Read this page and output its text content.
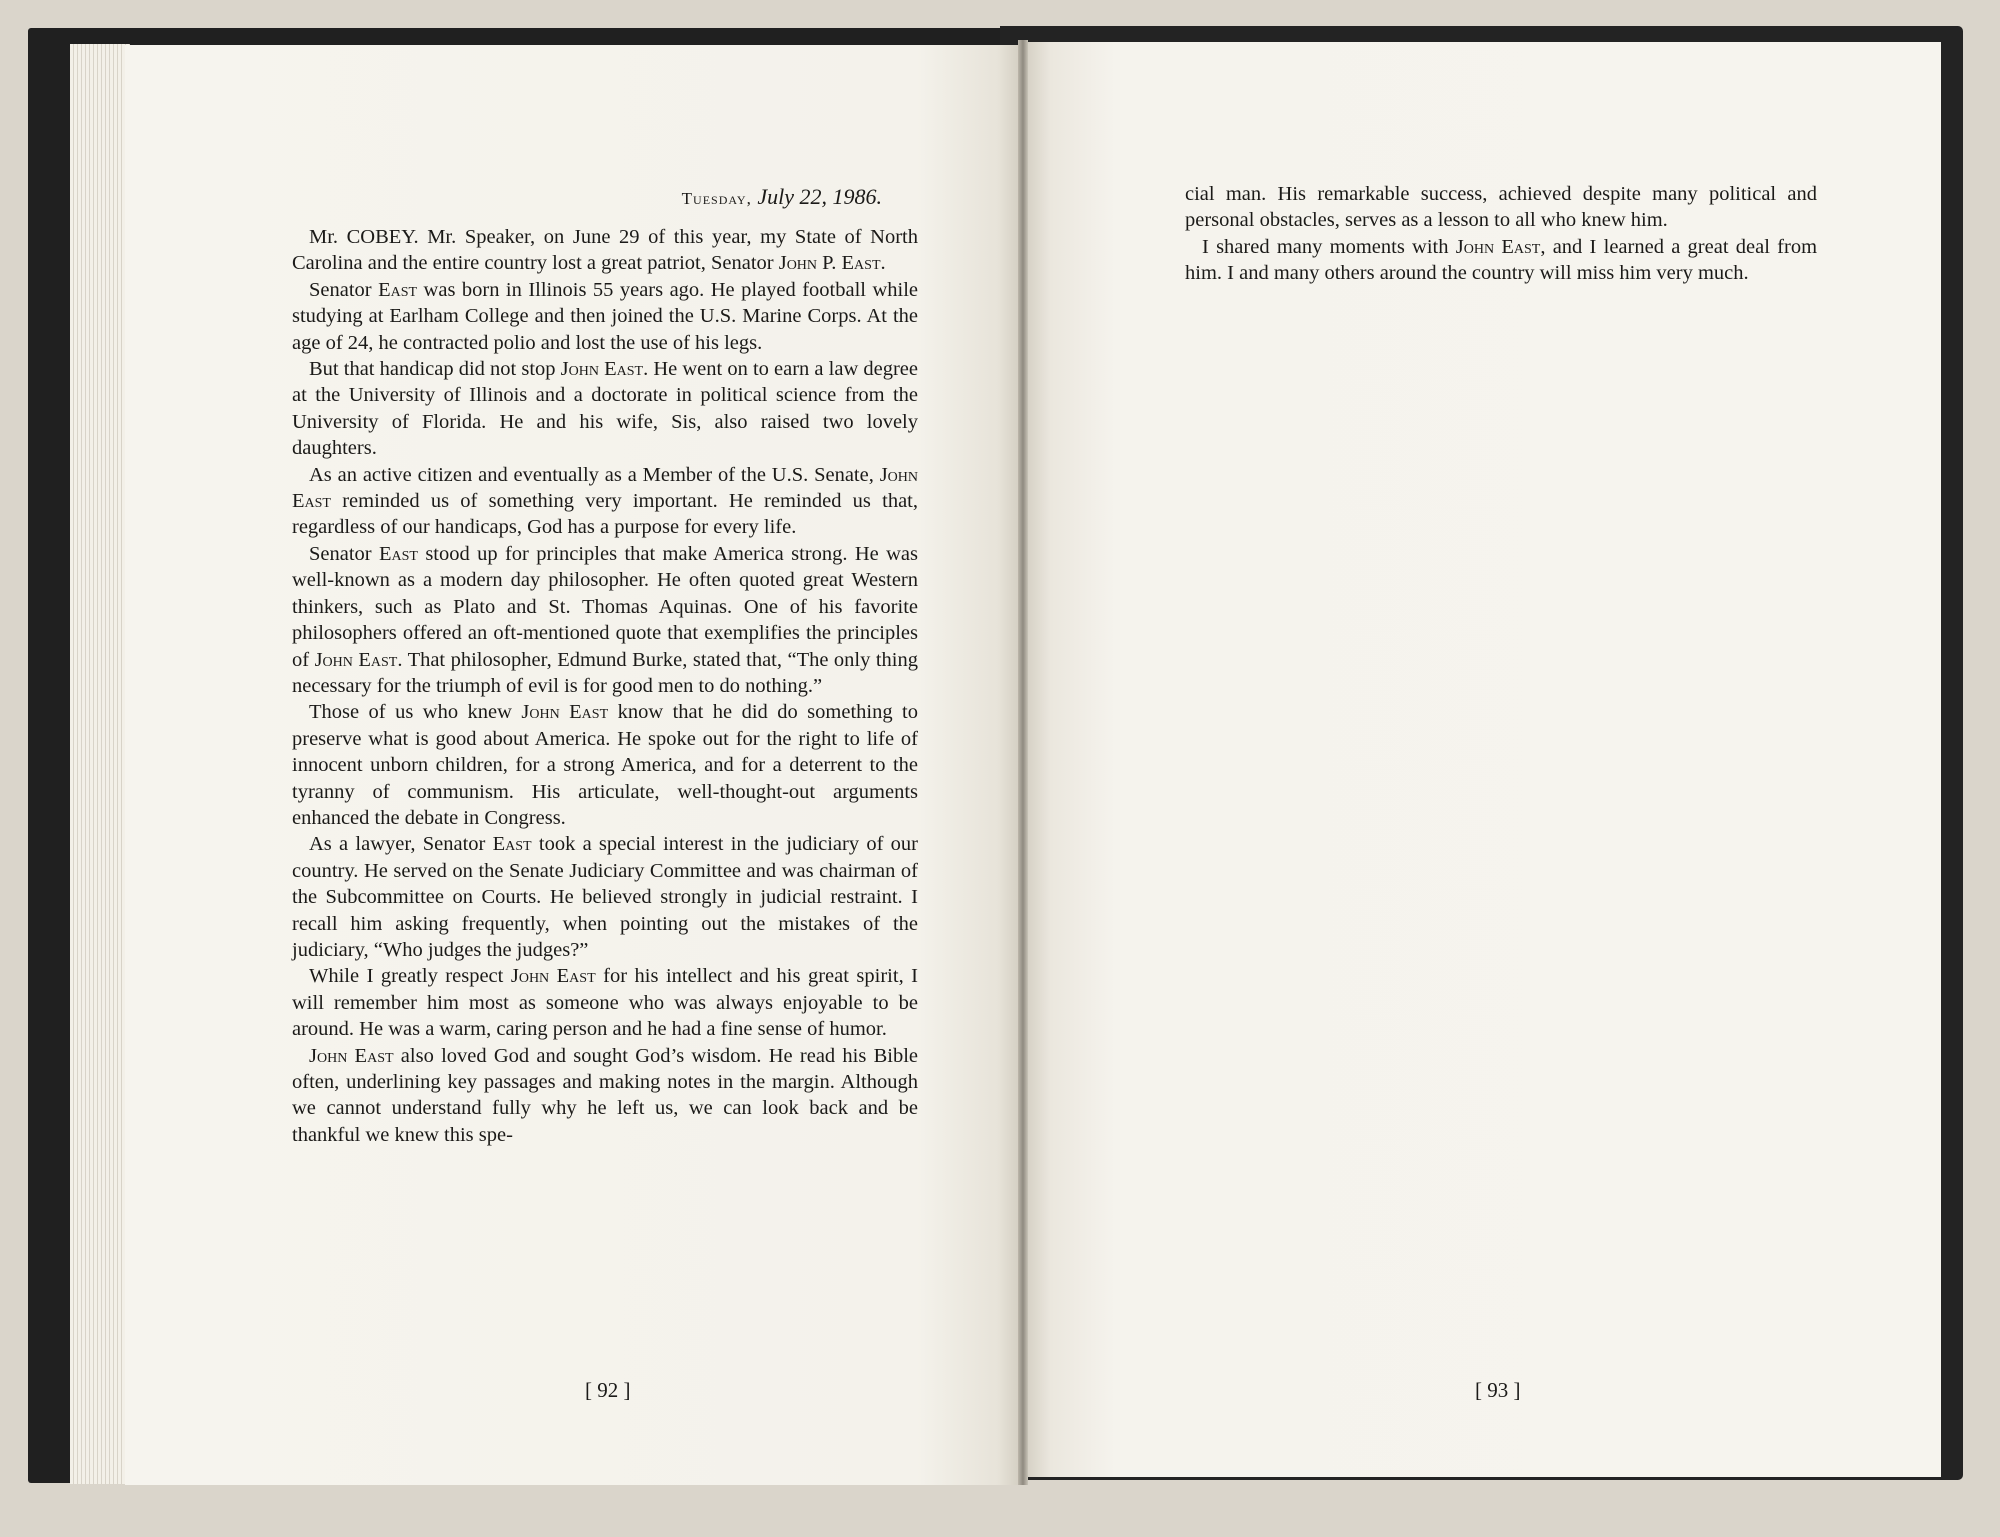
Tuesday, July 22, 1986.

Mr. COBEY. Mr. Speaker, on June 29 of this year, my State of North Carolina and the entire country lost a great patriot, Senator John P. East.

Senator East was born in Illinois 55 years ago. He played football while studying at Earlham College and then joined the U.S. Marine Corps. At the age of 24, he contracted polio and lost the use of his legs.

But that handicap did not stop John East. He went on to earn a law degree at the University of Illinois and a doctorate in political science from the University of Florida. He and his wife, Sis, also raised two lovely daughters.

As an active citizen and eventually as a Member of the U.S. Senate, John East reminded us of something very important. He reminded us that, regardless of our handicaps, God has a purpose for every life.

Senator East stood up for principles that make America strong. He was well-known as a modern day philosopher. He often quoted great Western thinkers, such as Plato and St. Thomas Aquinas. One of his favorite philosophers offered an oft-mentioned quote that exemplifies the principles of John East. That philosopher, Edmund Burke, stated that, “The only thing necessary for the triumph of evil is for good men to do nothing.”

Those of us who knew John East know that he did do something to preserve what is good about America. He spoke out for the right to life of innocent unborn children, for a strong America, and for a deterrent to the tyranny of communism. His articulate, well-thought-out arguments enhanced the debate in Congress.

As a lawyer, Senator East took a special interest in the judiciary of our country. He served on the Senate Judiciary Committee and was chairman of the Subcommittee on Courts. He believed strongly in judicial restraint. I recall him asking frequently, when pointing out the mistakes of the judiciary, “Who judges the judges?”

While I greatly respect John East for his intellect and his great spirit, I will remember him most as someone who was always enjoyable to be around. He was a warm, caring person and he had a fine sense of humor.

John East also loved God and sought God’s wisdom. He read his Bible often, underlining key passages and making notes in the margin. Although we cannot understand fully why he left us, we can look back and be thankful we knew this spe-

cial man. His remarkable success, achieved despite many political and personal obstacles, serves as a lesson to all who knew him.

I shared many moments with John East, and I learned a great deal from him. I and many others around the country will miss him very much.

[ 92 ]	[ 93 ]
